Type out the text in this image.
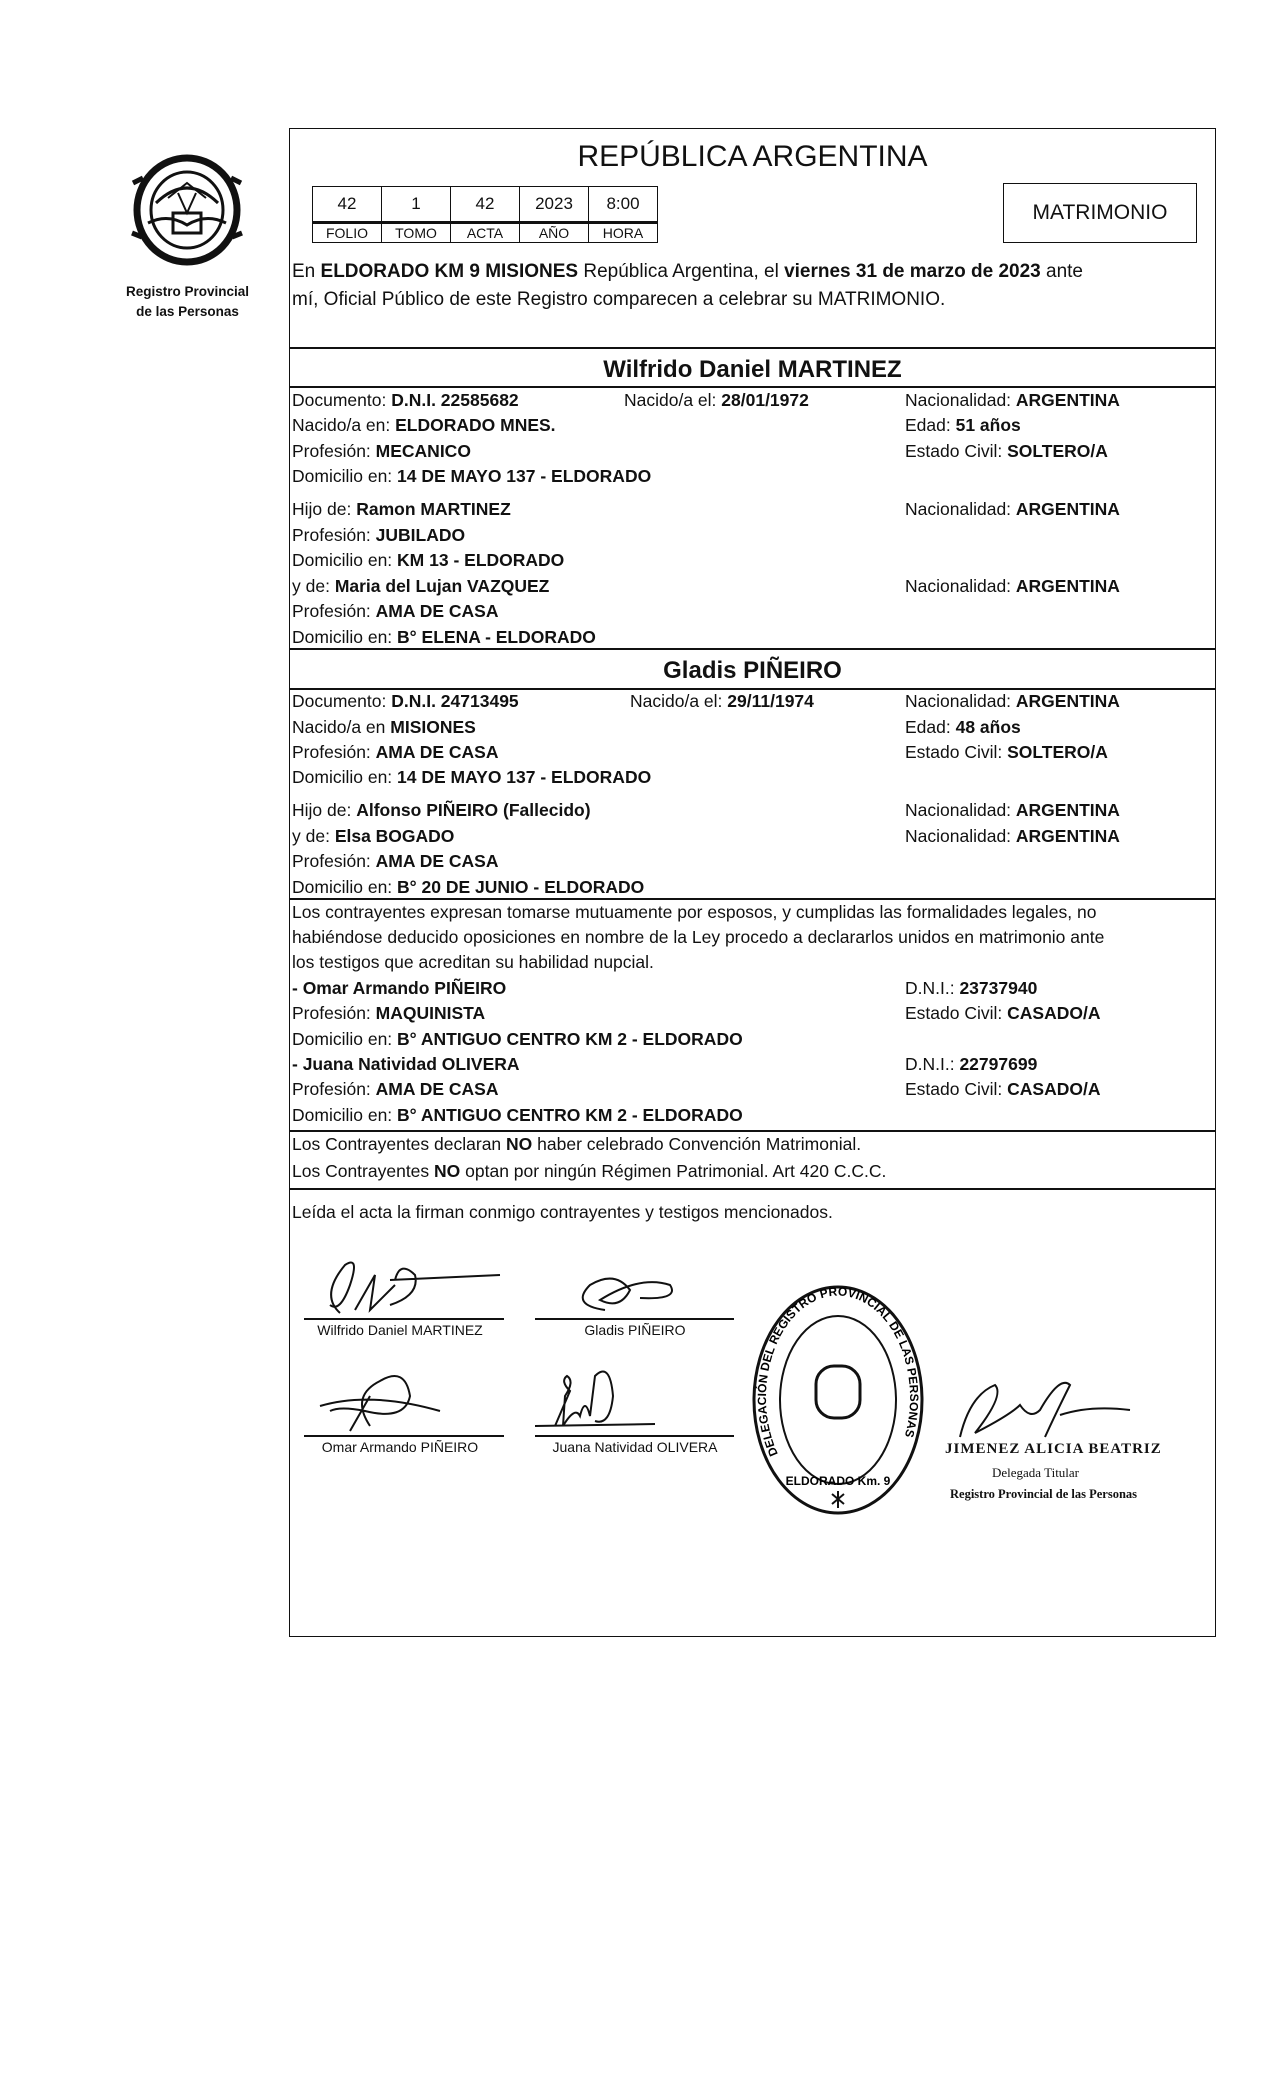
Registro Provincial
de las Personas
REPÚBLICA ARGENTINA
42	1	42	2023	8:00
FOLIO	TOMO	ACTA	AÑO	HORA
MATRIMONIO
En ELDORADO KM 9 MISIONES República Argentina, el viernes 31 de marzo de 2023 ante
mí, Oficial Público de este Registro comparecen a celebrar su MATRIMONIO.
Wilfrido Daniel MARTINEZ
Documento: D.N.I. 22585682	Nacido/a el: 28/01/1972	Nacionalidad: ARGENTINA
Nacido/a en: ELDORADO MNES.	Edad: 51 años
Profesión: MECANICO	Estado Civil: SOLTERO/A
Domicilio en: 14 DE MAYO 137 - ELDORADO
Hijo de: Ramon MARTINEZ	Nacionalidad: ARGENTINA
Profesión: JUBILADO
Domicilio en: KM 13 - ELDORADO
y de: Maria del Lujan VAZQUEZ	Nacionalidad: ARGENTINA
Profesión: AMA DE CASA
Domicilio en: B° ELENA - ELDORADO
Gladis PIÑEIRO
Documento: D.N.I. 24713495	Nacido/a el: 29/11/1974	Nacionalidad: ARGENTINA
Nacido/a en MISIONES	Edad: 48 años
Profesión: AMA DE CASA	Estado Civil: SOLTERO/A
Domicilio en: 14 DE MAYO 137 - ELDORADO
Hijo de: Alfonso PIÑEIRO (Fallecido)	Nacionalidad: ARGENTINA
y de: Elsa BOGADO	Nacionalidad: ARGENTINA
Profesión: AMA DE CASA
Domicilio en: B° 20 DE JUNIO - ELDORADO
Los contrayentes expresan tomarse mutuamente por esposos, y cumplidas las formalidades legales, no
habiéndose deducido oposiciones en nombre de la Ley procedo a declararlos unidos en matrimonio ante
los testigos que acreditan su habilidad nupcial.
- Omar Armando PIÑEIRO	D.N.I.: 23737940
Profesión: MAQUINISTA	Estado Civil: CASADO/A
Domicilio en: B° ANTIGUO CENTRO KM 2 - ELDORADO
- Juana Natividad OLIVERA	D.N.I.: 22797699
Profesión: AMA DE CASA	Estado Civil: CASADO/A
Domicilio en: B° ANTIGUO CENTRO KM 2 - ELDORADO
Los Contrayentes declaran NO haber celebrado Convención Matrimonial.
Los Contrayentes NO optan por ningún Régimen Patrimonial. Art 420 C.C.C.
Leída el acta la firman conmigo contrayentes y testigos mencionados.
Wilfrido Daniel MARTINEZ	Gladis PIÑEIRO
Omar Armando PIÑEIRO	Juana Natividad OLIVERA	DELEGACIÓN DEL REGISTRO PROVINCIAL DE LAS PERSONAS
ELDORADO Km. 9
JIMENEZ ALICIA BEATRIZ
Delegada Titular
Registro Provincial de las Personas
